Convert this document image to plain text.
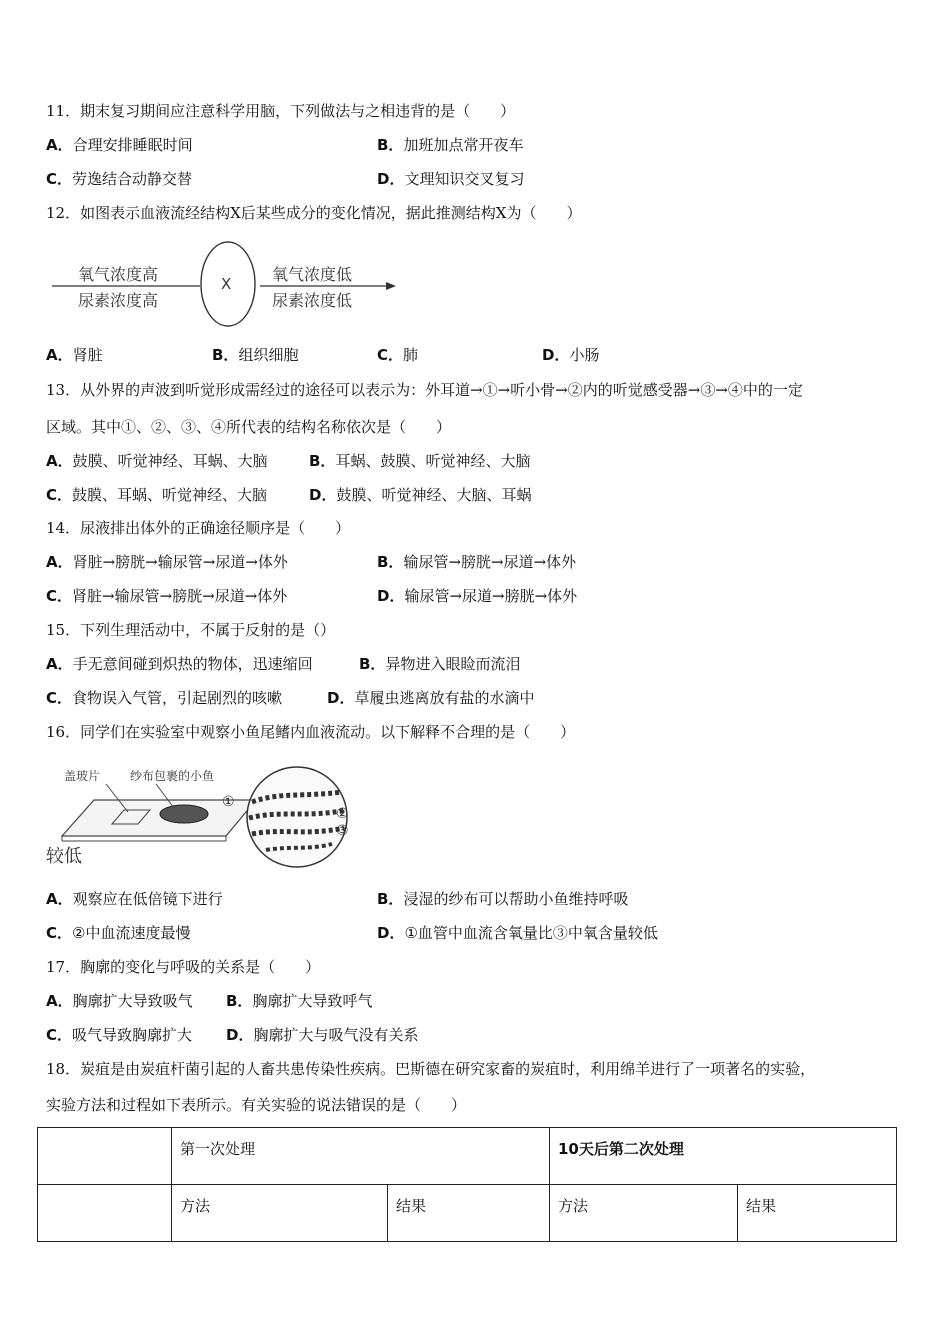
11．期末复习期间应注意科学用脑，下列做法与之相违背的是（　　）
A．合理安排睡眠时间	B．加班加点常开夜车
C．劳逸结合动静交替	D．文理知识交叉复习
12．如图表示血液流经结构X后某些成分的变化情况，据此推测结构X为（　　）
氧气浓度高
尿素浓度高
X	氧气浓度低
尿素浓度低
A．肾脏	B．组织细胞	C．肺	D．小肠
13．从外界的声波到听觉形成需经过的途径可以表示为：外耳道→①→听小骨→②内的听觉感受器→③→④中的一定
区域。其中①、②、③、④所代表的结构名称依次是（　　）
A．鼓膜、听觉神经、耳蜗、大脑	B．耳蜗、鼓膜、听觉神经、大脑
C．鼓膜、耳蜗、听觉神经、大脑	D．鼓膜、听觉神经、大脑、耳蜗
14．尿液排出体外的正确途径顺序是（　　）
A．肾脏→膀胱→输尿管→尿道→体外	B．输尿管→膀胱→尿道→体外
C．肾脏→输尿管→膀胱→尿道→体外	D．输尿管→尿道→膀胱→体外
15．下列生理活动中，不属于反射的是（）
A．手无意间碰到炽热的物体，迅速缩回	B．异物进入眼睑而流泪
C．食物误入气管，引起剧烈的咳嗽	D．草履虫逃离放有盐的水滴中
16．同学们在实验室中观察小鱼尾鳍内血液流动。以下解释不合理的是（　　）
盖玻片 纱布包裹的小鱼
较低
①
②
③
A．观察应在低倍镜下进行	B．浸湿的纱布可以帮助小鱼维持呼吸
C．②中血流速度最慢	D．①血管中血流含氧量比③中氧含量较低
17．胸廓的变化与呼吸的关系是（　　）
A．胸廓扩大导致吸气 B．胸廓扩大导致呼气
C．吸气导致胸廓扩大 D．胸廓扩大与吸气没有关系
18．炭疽是由炭疽杆菌引起的人畜共患传染性疾病。巴斯德在研究家畜的炭疽时，利用绵羊进行了一项著名的实验，
实验方法和过程如下表所示。有关实验的说法错误的是（　　）
	第一次处理		10天后第二次处理	
	方法	结果	方法	结果
